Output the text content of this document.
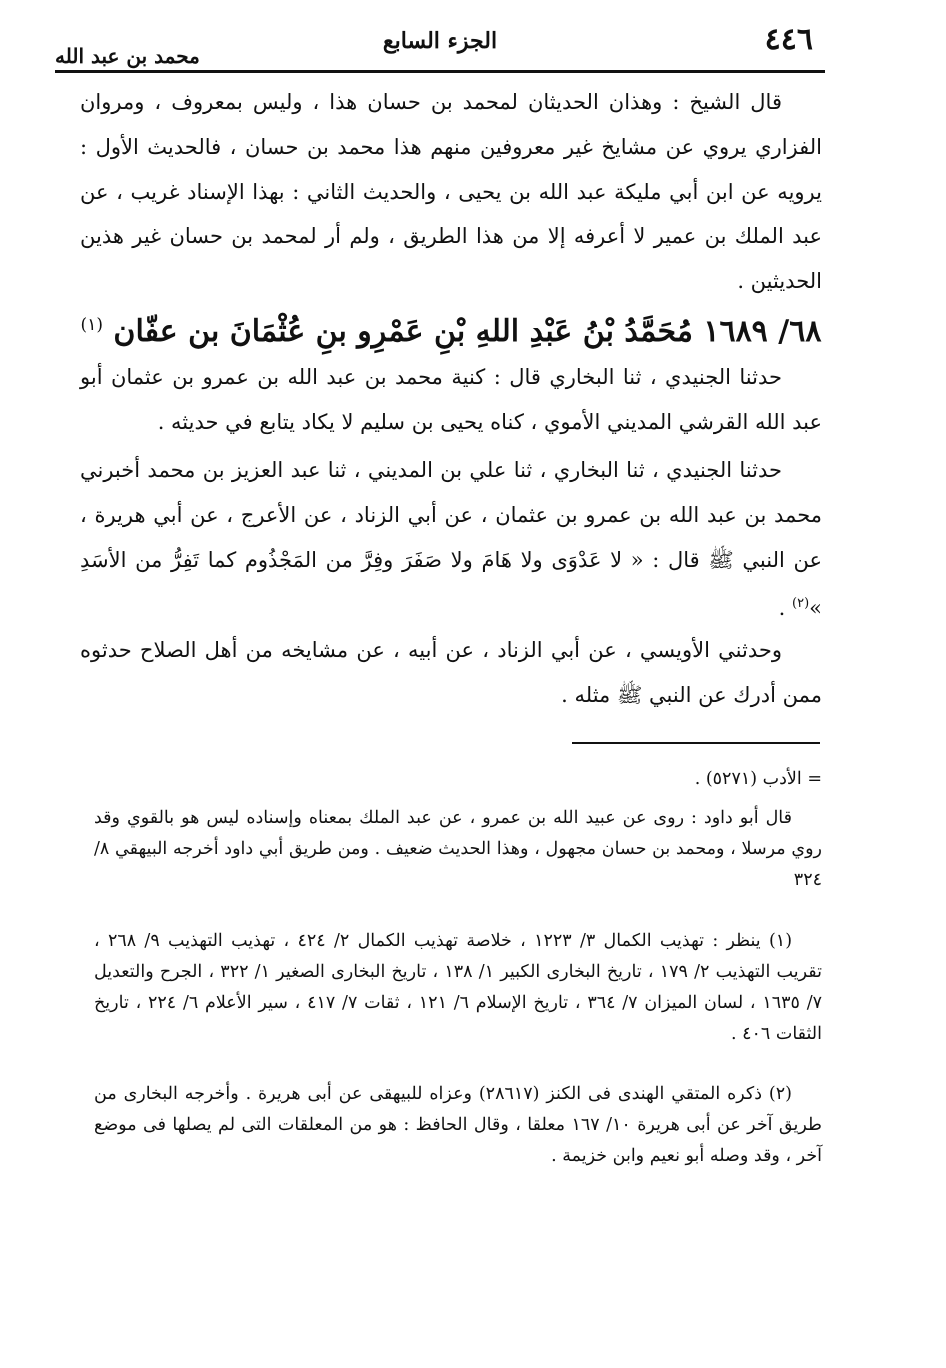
٤٤٦
الجزء السابع
محمد بن عبد الله

قال الشيخ : وهذان الحديثان لمحمد بن حسان هذا ، وليس بمعروف ، ومروان الفزاري يروي عن مشايخ غير معروفين منهم هذا محمد بن حسان ، فالحديث الأول : يرويه عن ابن أبي مليكة عبد الله بن يحيى ، والحديث الثاني : بهذا الإسناد غريب ، عن عبد الملك بن عمير لا أعرفه إلا من هذا الطريق ، ولم أر لمحمد بن حسان غير هذين الحديثين .

٦٨/ ١٦٨٩ مُحَمَّدُ بْنُ عَبْدِ اللهِ بْنِ عَمْرِو بنِ عُثْمَانَ بن عفّان $^{(١)}$

حدثنا الجنيدي ، ثنا البخاري قال : كنية محمد بن عبد الله بن عمرو بن عثمان أبو عبد الله القرشي المديني الأموي ، كناه يحيى بن سليم لا يكاد يتابع في حديثه .

حدثنا الجنيدي ، ثنا البخاري ، ثنا علي بن المديني ، ثنا عبد العزيز بن محمد أخبرني محمد بن عبد الله بن عمرو بن عثمان ، عن أبي الزناد ، عن الأعرج ، عن أبي هريرة ، عن النبي ﷺ قال : « لا عَدْوَى ولا هَامَ ولا صَفَرَ وفِرَّ من المَجْذُوم كما تَفِرُّ من الأسَدِ »$^{(٢)}$ .

وحدثني الأويسي ، عن أبي الزناد ، عن أبيه ، عن مشايخه من أهل الصلاح حدثوه ممن أدرك عن النبي ﷺ مثله .

= الأدب (٥٢٧١) .

قال أبو داود : روى عن عبيد الله بن عمرو ، عن عبد الملك بمعناه وإسناده ليس هو بالقوي وقد روي مرسلا ، ومحمد بن حسان مجهول ، وهذا الحديث ضعيف . ومن طريق أبي داود أخرجه البيهقي ٨/ ٣٢٤

(١) ينظر : تهذيب الكمال ٣/ ١٢٢٣ ، خلاصة تهذيب الكمال ٢/ ٤٢٤ ، تهذيب التهذيب ٩/ ٢٦٨ ، تقريب التهذيب ٢/ ١٧٩ ، تاريخ البخارى الكبير ١/ ١٣٨ ، تاريخ البخارى الصغير ١/ ٣٢٢ ، الجرح والتعديل ٧/ ١٦٣٥ ، لسان الميزان ٧/ ٣٦٤ ، تاريخ الإسلام ٦/ ١٢١ ، ثقات ٧/ ٤١٧ ، سير الأعلام ٦/ ٢٢٤ ، تاريخ الثقات ٤٠٦ .

(٢) ذكره المتقي الهندى فى الكنز (٢٨٦١٧) وعزاه للبيهقى عن أبى هريرة . وأخرجه البخارى من طريق آخر عن أبى هريرة ١٠/ ١٦٧ معلقا ، وقال الحافظ : هو من المعلقات التى لم يصلها فى موضع آخر ، وقد وصله أبو نعيم وابن خزيمة .
